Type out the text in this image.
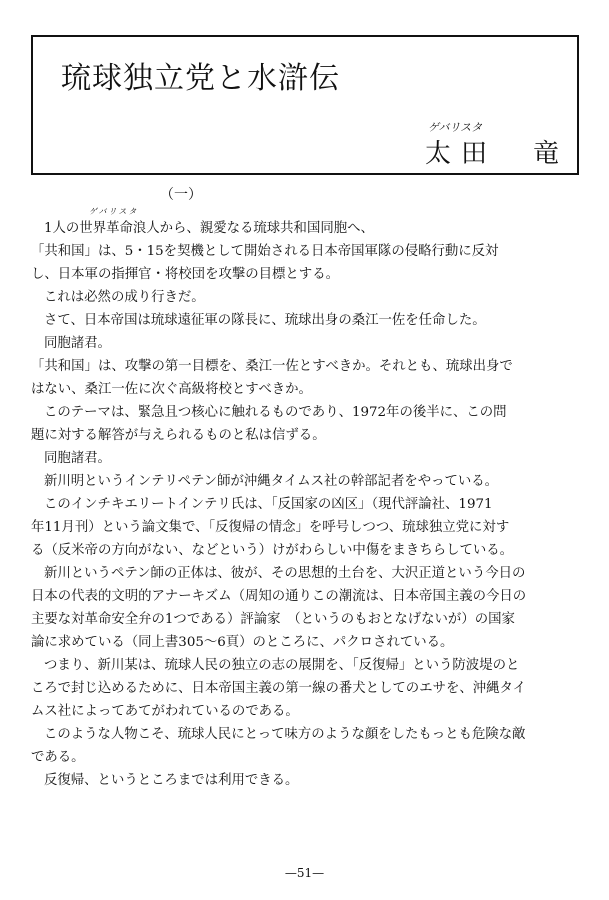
琉球独立党と水滸伝
ゲバリスタ
太田　竜
（一）
ゲバリスタ
1人の世界革命浪人から、親愛なる琉球共和国同胞へ、
「共和国」は、5・15を契機として開始される日本帝国軍隊の侵略行動に反対
し、日本軍の指揮官・将校団を攻撃の目標とする。
これは必然の成り行きだ。
さて、日本帝国は琉球遠征軍の隊長に、琉球出身の桑江一佐を任命した。
同胞諸君。
「共和国」は、攻撃の第一目標を、桑江一佐とすべきか。それとも、琉球出身で
はない、桑江一佐に次ぐ高級将校とすべきか。
このテーマは、緊急且つ核心に触れるものであり、1972年の後半に、この問
題に対する解答が与えられるものと私は信ずる。
同胞諸君。
新川明というインテリペテン師が沖縄タイムス社の幹部記者をやっている。
このインチキエリートインテリ氏は、「反国家の凶区」（現代評論社、1971
年11月刊）という論文集で、「反復帰の情念」を呼号しつつ、琉球独立党に対す
る（反米帝の方向がない、などという）けがわらしい中傷をまきちらしている。
新川というペテン師の正体は、彼が、その思想的土台を、大沢正道という今日の
日本の代表的文明的アナーキズム（周知の通りこの潮流は、日本帝国主義の今日の
主要な対革命安全弁の1つである）評論家　（というのもおとなげないが）の国家
論に求めている（同上書305〜6頁）のところに、パクロされている。
つまり、新川某は、琉球人民の独立の志の展開を、「反復帰」という防波堤のと
ころで封じ込めるために、日本帝国主義の第一線の番犬としてのエサを、沖縄タイ
ムス社によってあてがわれているのである。
このような人物こそ、琉球人民にとって味方のような顔をしたもっとも危険な敵
である。
反復帰、というところまでは利用できる。
—51—
